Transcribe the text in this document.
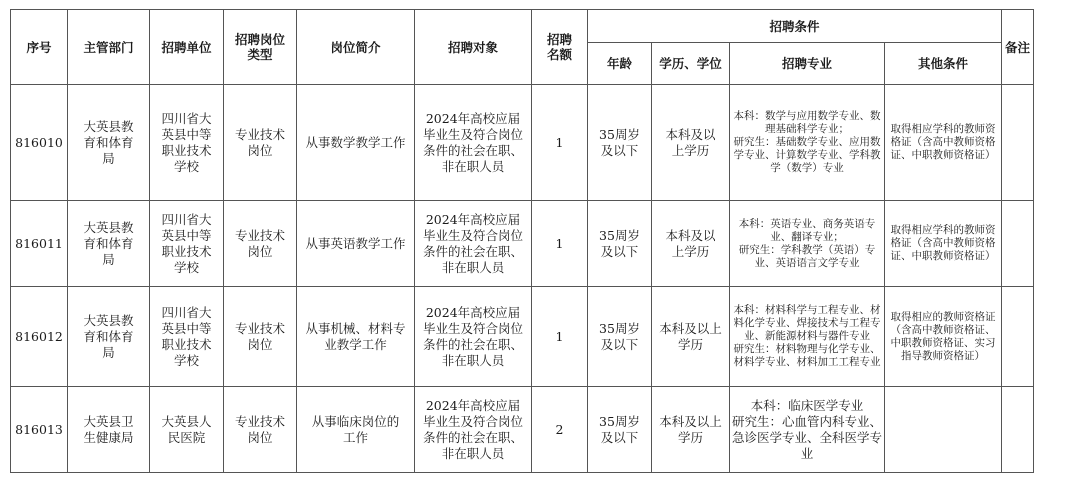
序号	主管部门	招聘单位	招聘岗位类型	岗位简介	招聘对象	招聘名额	招聘条件				备注
							年龄	学历、学位	招聘专业	其他条件	
816010	大英县教育和体育局	四川省大英县中等职业技术学校	专业技术岗位	从事数学教学工作	2024年高校应届毕业生及符合岗位条件的社会在职、非在职人员	1	35周岁及以下	本科及以上学历	本科：数学与应用数学专业、数理基础科学专业；
研究生：基础数学专业、应用数学专业、计算数学专业、学科教学（数学）专业	取得相应学科的教师资格证（含高中教师资格证、中职教师资格证）	
816011	大英县教育和体育局	四川省大英县中等职业技术学校	专业技术岗位	从事英语教学工作	2024年高校应届毕业生及符合岗位条件的社会在职、非在职人员	1	35周岁及以下	本科及以上学历	本科：英语专业、商务英语专业、翻译专业；
研究生：学科教学（英语）专业、英语语言文学专业	取得相应学科的教师资格证（含高中教师资格证、中职教师资格证）	
816012	大英县教育和体育局	四川省大英县中等职业技术学校	专业技术岗位	从事机械、材料专业教学工作	2024年高校应届毕业生及符合岗位条件的社会在职、非在职人员	1	35周岁及以下	本科及以上学历	本科：材料科学与工程专业、材料化学专业、焊接技术与工程专业、新能源材料与器件专业
研究生：材料物理与化学专业、材料学专业、材料加工工程专业	取得相应的教师资格证（含高中教师资格证、中职教师资格证、实习指导教师资格证）	
816013	大英县卫生健康局	大英县人民医院	专业技术岗位	从事临床岗位的工作	2024年高校应届毕业生及符合岗位条件的社会在职、非在职人员	2	35周岁及以下	本科及以上学历	本科：临床医学专业
研究生：心血管内科专业、急诊医学专业、全科医学专业		
